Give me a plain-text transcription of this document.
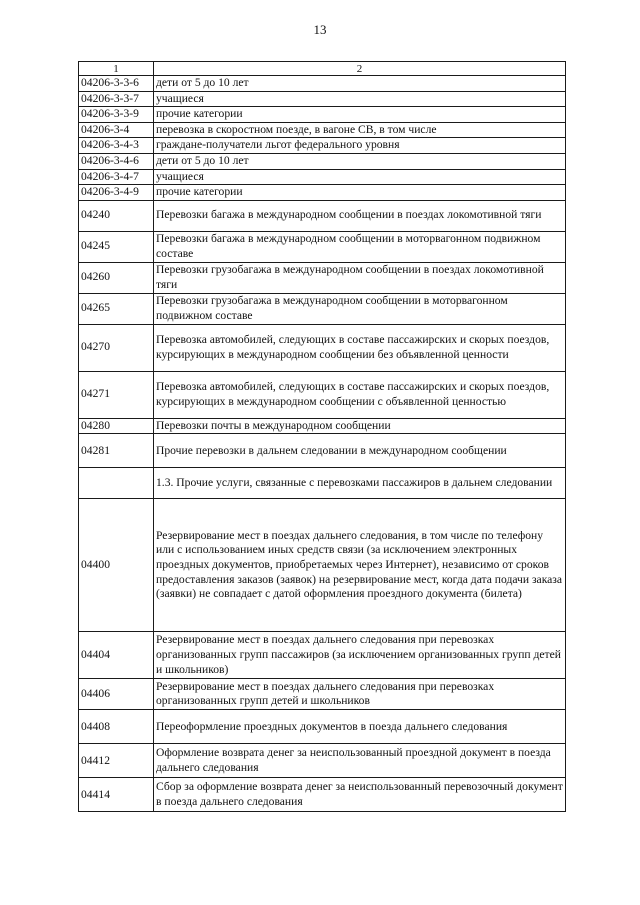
13
1	2
04206-3-3-6	дети от 5 до 10 лет
04206-3-3-7	учащиеся
04206-3-3-9	прочие категории
04206-3-4	перевозка в скоростном поезде, в вагоне СВ, в том числе
04206-3-4-3	граждане-получатели льгот федерального уровня
04206-3-4-6	дети от 5 до 10 лет
04206-3-4-7	учащиеся
04206-3-4-9	прочие категории
04240	Перевозки багажа в международном сообщении в поездах локомотивной тяги
04245	Перевозки багажа в международном сообщении в моторвагонном подвижном составе
04260	Перевозки грузобагажа в международном сообщении в поездах локомотивной тяги
04265	Перевозки грузобагажа в международном сообщении в моторвагонном подвижном составе
04270	Перевозка автомобилей, следующих в составе пассажирских и скорых поездов, курсирующих в международном сообщении без объявленной ценности
04271	Перевозка автомобилей, следующих в составе пассажирских и скорых поездов, курсирующих в международном сообщении с объявленной ценностью
04280	Перевозки почты в международном сообщении
04281	Прочие перевозки в дальнем следовании в международном сообщении
	1.3. Прочие услуги, связанные с перевозками пассажиров в дальнем следовании
04400	Резервирование мест в поездах дальнего следования, в том числе по телефону или с использованием иных средств связи (за исключением электронных проездных документов, приобретаемых через Интернет), независимо от сроков предоставления заказов (заявок) на резервирование мест, когда дата подачи заказа (заявки) не совпадает с датой оформления проездного документа (билета)
04404	Резервирование мест в поездах дальнего следования при перевозках организованных групп пассажиров (за исключением организованных групп детей и школьников)
04406	Резервирование мест в поездах дальнего следования при перевозках организованных групп детей и школьников
04408	Переоформление проездных документов в поезда дальнего следования
04412	Оформление возврата денег за неиспользованный проездной документ в поезда дальнего следования
04414	Сбор за оформление возврата денег за неиспользованный перевозочный документ в поезда дальнего следования
